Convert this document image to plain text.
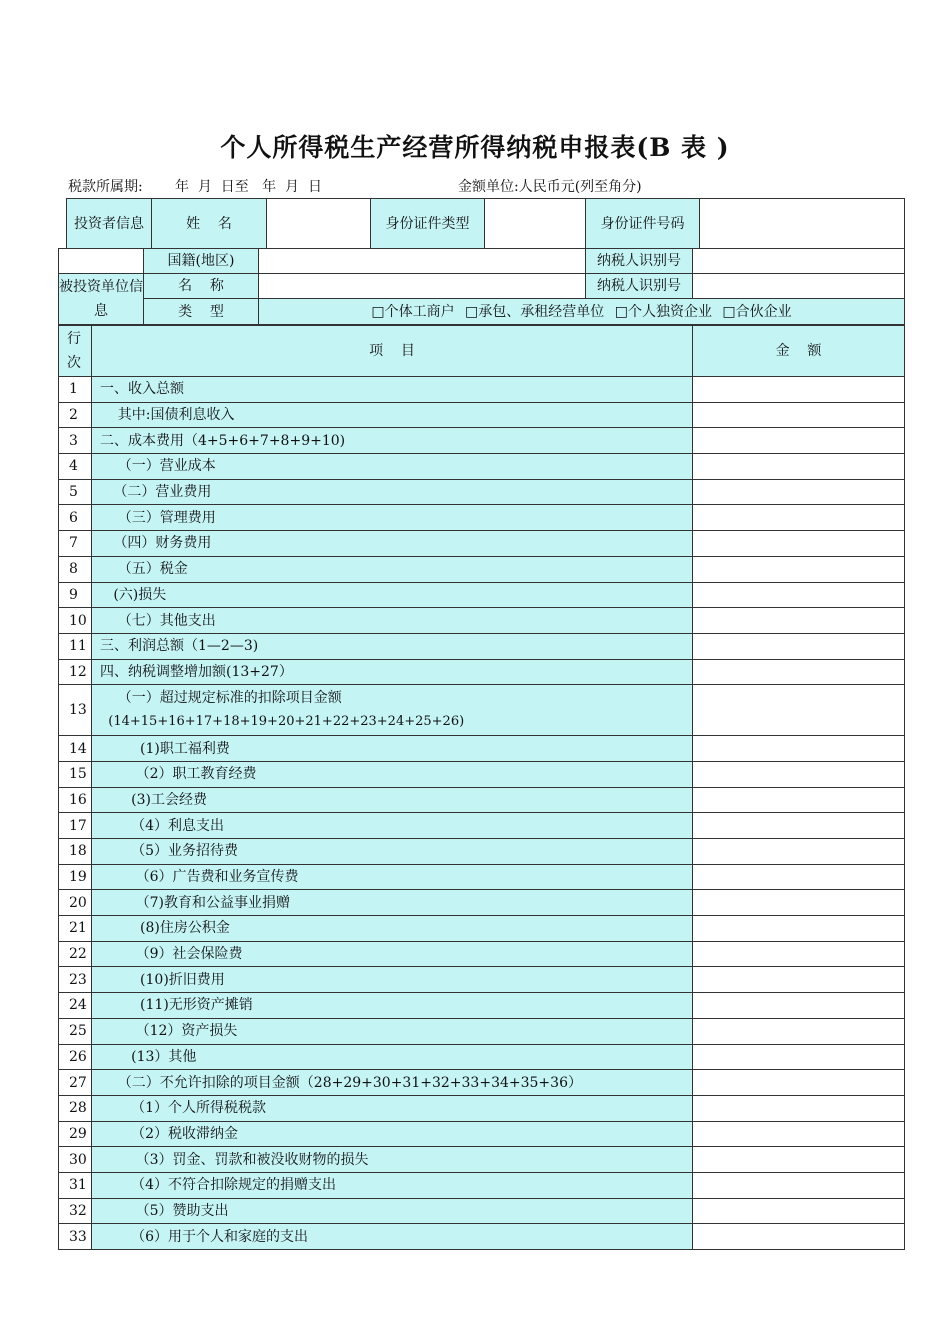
个人所得税生产经营所得纳税申报表(B 表 )
税款所属期: 年  月  日至   年  月  日	金额单位:人民币元(列至角分)
投资者信息	姓    名		身份证件类型		身份证件号码	
	国籍(地区)		纳税人识别号	
被投资单位信息	名    称		纳税人识别号	
	类    型	□个体工商户 □承包、承租经营单位 □个人独资企业 □合伙企业		
行次	项    目	金    额
1	一、收入总额	
2	其中:国债利息收入	
3	二、成本费用（4+5+6+7+8+9+10)	
4	（一）营业成本	
5	（二）营业费用	
6	（三）管理费用	
7	（四）财务费用	
8	（五）税金	
9	(六)损失	
10	（七）其他支出	
11	三、利润总额（1—2—3)	
12	四、纳税调整增加额(13+27）	
13	（一）超过规定标准的扣除项目金额
(14+15+16+17+18+19+20+21+22+23+24+25+26)	

14	(1)职工福利费	
15	（2）职工教育经费	
16	(3)工会经费	
17	（4）利息支出	
18	（5）业务招待费	
19	（6）广告费和业务宣传费	
20	（7)教育和公益事业捐赠	
21	(8)住房公积金	
22	（9）社会保险费	
23	(10)折旧费用	
24	(11)无形资产摊销	
25	（12）资产损失	
26	(13）其他	
27	（二）不允许扣除的项目金额（28+29+30+31+32+33+34+35+36）	
28	（1）个人所得税税款	
29	（2）税收滞纳金	
30	（3）罚金、罚款和被没收财物的损失	
31	（4）不符合扣除规定的捐赠支出	
32	（5）赞助支出	
33	（6）用于个人和家庭的支出	
